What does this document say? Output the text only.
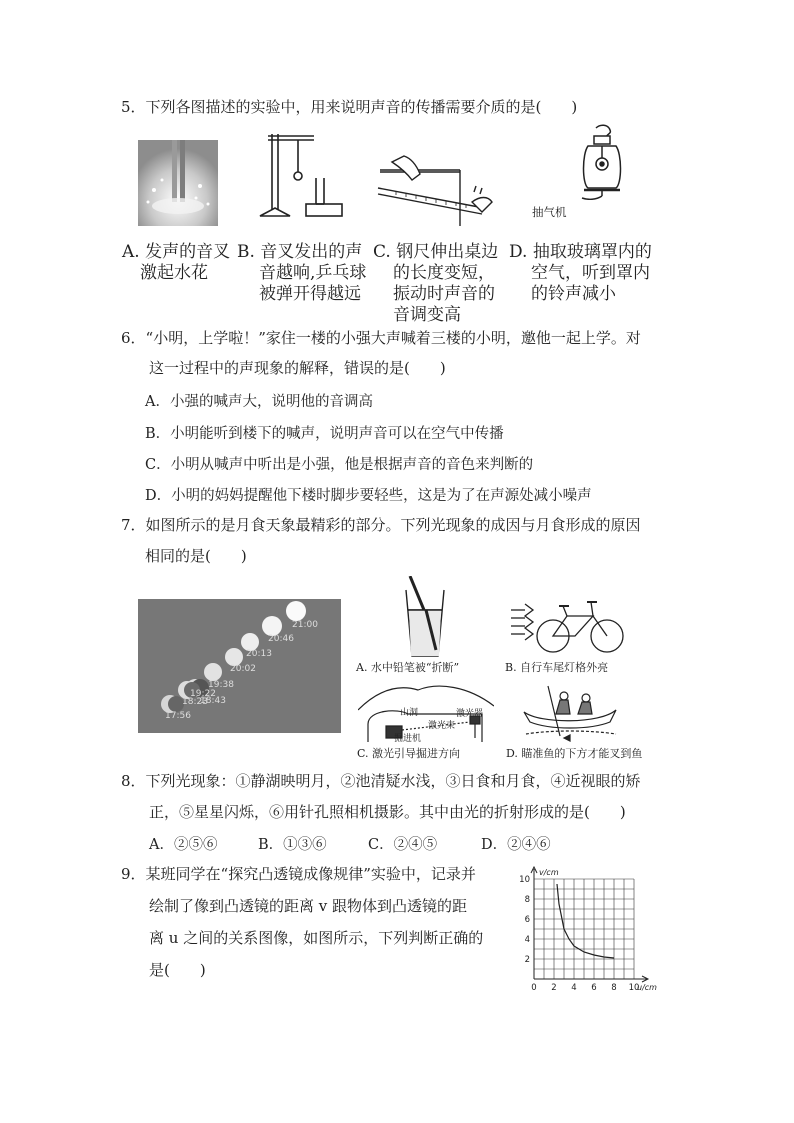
5．下列各图描述的实验中，用来说明声音的传播需要介质的是(　　)
抽气机
A. 发声的音叉
激起水花
B. 音叉发出的声
音越响,乒乓球
被弹开得越远
C. 钢尺伸出桌边
的长度变短，
振动时声音的
音调变高
D. 抽取玻璃罩内的
空气，听到罩内
的铃声减小
6．“小明，上学啦！”家住一楼的小强大声喊着三楼的小明，邀他一起上学。对
这一过程中的声现象的解释，错误的是(　　)
A．小强的喊声大，说明他的音调高
B．小明能听到楼下的喊声，说明声音可以在空气中传播
C．小明从喊声中听出是小强，他是根据声音的音色来判断的
D．小明的妈妈提醒他下楼时脚步要轻些，这是为了在声源处减小噪声
7．如图所示的是月食天象最精彩的部分。下列光现象的成因与月食形成的原因
相同的是(　　)
21:00
20:46
20:13
20:02
19:38
19:22
18:43
18:23
17:56
A. 水中铅笔被“折断”	B. 自行车尾灯格外亮
山洞	激光器
激光束
掘进机
C. 激光引导掘进方向	D. 瞄准鱼的下方才能叉到鱼
8．下列光现象：①静湖映明月，②池清疑水浅，③日食和月食，④近视眼的矫
正，⑤星星闪烁，⑥用针孔照相机摄影。其中由光的折射形成的是(　　)
A．②⑤⑥	B．①③⑥	C．②④⑤	D．②④⑥
9．某班同学在“探究凸透镜成像规律”实验中，记录并
绘制了像到凸透镜的距离 v 跟物体到凸透镜的距
离 u 之间的关系图像，如图所示，下列判断正确的
是(　　)
0 2 4 6 8 10
2
4
6
8
10
v/cm
u/cm
